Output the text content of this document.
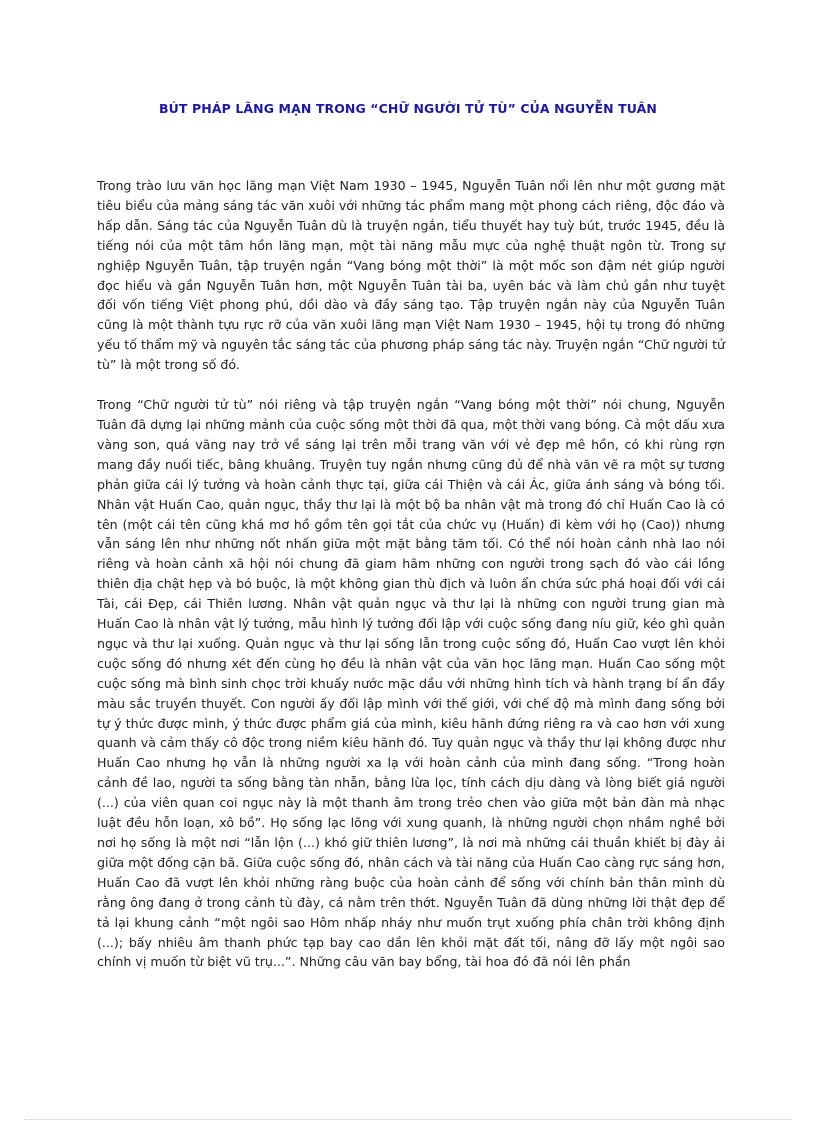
BÚT PHÁP LÃNG MẠN TRONG “CHỮ NGƯỜI TỬ TÙ” CỦA NGUYỄN TUÂN

Trong trào lưu văn học lãng mạn Việt Nam 1930 – 1945, Nguyễn Tuân nổi lên như một gương mặt tiêu biểu của mảng sáng tác văn xuôi với những tác phẩm mang một phong cách riêng, độc đáo và hấp dẫn. Sáng tác của Nguyễn Tuân dù là truyện ngắn, tiểu thuyết hay tuỳ bút, trước 1945, đều là tiếng nói của một tâm hồn lãng mạn, một tài năng mẫu mực của nghệ thuật ngôn từ. Trong sự nghiệp Nguyễn Tuân, tập truyện ngắn “Vang bóng một thời” là một mốc son đậm nét giúp người đọc hiểu và gần Nguyễn Tuân hơn, một Nguyễn Tuân tài ba, uyên bác và làm chủ gần như tuyệt đối vốn tiếng Việt phong phú, dồi dào và đầy sáng tạo. Tập truyện ngắn này của Nguyễn Tuân cũng là một thành tựu rực rỡ của văn xuôi lãng mạn Việt Nam 1930 – 1945, hội tụ trong đó những yếu tố thẩm mỹ và nguyên tắc sáng tác của phương pháp sáng tác này. Truyện ngắn “Chữ người tử tù” là một trong số đó.

Trong “Chữ người tử tù” nói riêng và tập truyện ngắn “Vang bóng một thời” nói chung, Nguyễn Tuân đã dựng lại những mảnh của cuộc sống một thời đã qua, một thời vang bóng. Cả một dấu xưa vàng son, quá vãng nay trở về sáng lại trên mỗi trang văn với vẻ đẹp mê hồn, có khi rùng rợn mang đầy nuối tiếc, bâng khuâng. Truyện tuy ngắn nhưng cũng đủ để nhà văn vẽ ra một sự tương phản giữa cái lý tưởng và hoàn cảnh thực tại, giữa cái Thiện và cái Ác, giữa ánh sáng và bóng tối. Nhân vật Huấn Cao, quản ngục, thầy thư lại là một bộ ba nhân vật mà trong đó chỉ Huấn Cao là có tên (một cái tên cũng khá mơ hồ gồm tên gọi tắt của chức vụ (Huấn) đi kèm với họ (Cao)) nhưng vẫn sáng lên như những nốt nhấn giữa một mặt bằng tăm tối. Có thể nói hoàn cảnh nhà lao nói riêng và hoàn cảnh xã hội nói chung đã giam hãm những con người trong sạch đó vào cái lồng thiên địa chật hẹp và bó buộc, là một không gian thù địch và luôn ẩn chứa sức phá hoại đối với cái Tài, cái Đẹp, cái Thiên lương. Nhân vật quản ngục và thư lại là những con người trung gian mà Huấn Cao là nhân vật lý tưởng, mẫu hình lý tưởng đối lập với cuộc sống đang níu giữ, kéo ghì quản ngục và thư lại xuống. Quản ngục và thư lại sống lẫn trong cuộc sống đó, Huấn Cao vượt lên khỏi cuộc sống đó nhưng xét đến cùng họ đều là nhân vật của văn học lãng mạn. Huấn Cao sống một cuộc sống mà bình sinh chọc trời khuấy nước mặc dầu với những hình tích và hành trạng bí ẩn đầy màu sắc truyền thuyết. Con người ấy đối lập mình với thế giới, với chế độ mà mình đang sống bởi tự ý thức được mình, ý thức được phẩm giá của mình, kiêu hãnh đứng riêng ra và cao hơn với xung quanh và cảm thấy cô độc trong niềm kiêu hãnh đó. Tuy quản ngục và thầy thư lại không được như Huấn Cao nhưng họ vẫn là những người xa lạ với hoàn cảnh của mình đang sống. “Trong hoàn cảnh đề lao, người ta sống bằng tàn nhẫn, bằng lừa lọc, tính cách dịu dàng và lòng biết giá người (...) của viên quan coi ngục này là một thanh âm trong trẻo chen vào giữa một bản đàn mà nhạc luật đều hỗn loạn, xô bồ”. Họ sống lạc lõng với xung quanh, là những người chọn nhầm nghề bởi nơi họ sống là một nơi “lẫn lộn (...) khó giữ thiên lương”, là nơi mà những cái thuần khiết bị đày ải giữa một đống cặn bã. Giữa cuộc sống đó, nhân cách và tài năng của Huấn Cao càng rực sáng hơn, Huấn Cao đã vượt lên khỏi những ràng buộc của hoàn cảnh để sống với chính bản thân mình dù rằng ông đang ở trong cảnh tù đày, cá nằm trên thớt. Nguyễn Tuân đã dùng những lời thật đẹp để tả lại khung cảnh “một ngôi sao Hôm nhấp nháy như muốn trụt xuống phía chân trời không định (...); bấy nhiêu âm thanh phức tạp bay cao dần lên khỏi mặt đất tối, nâng đỡ lấy một ngôi sao chính vị muốn từ biệt vũ trụ...”. Những câu văn bay bổng, tài hoa đó đã nói lên phần
